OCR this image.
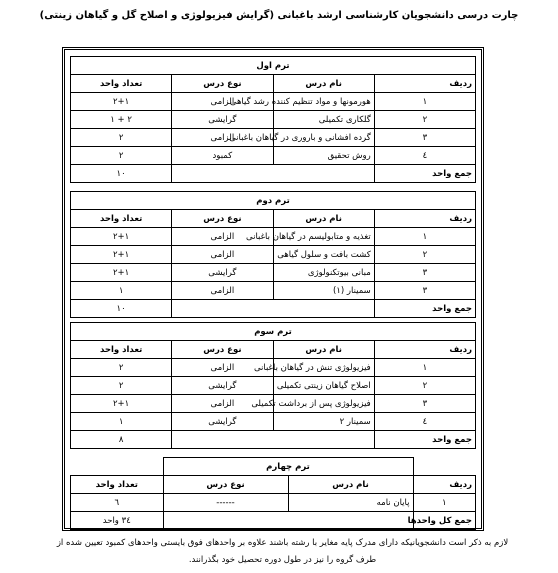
چارت درسی دانشجویان کارشناسی ارشد باغبانی (گرایش فیزیولوژی و اصلاح گل و گیاهان زینتی)
ترم اول			
ردیف	نام درس	نوع درس	تعداد واحد
۱	هورمونها و مواد تنظیم کننده رشد گیاهی	الزامی	۲+۱
۲	گلکاری تکمیلی	گرایشی	۲ + ۱
۳	گرده افشانی و باروری در گیاهان باغبانی	الزامی	۲
٤	روش تحقیق	کمبود	۲
جمع واحد			۱۰
ترم دوم			
ردیف	نام درس	نوع درس	تعداد واحد
۱	تغذیه و متابولیسم در گیاهان باغبانی	الزامی	۲+۱
۲	کشت بافت و سلول گیاهی	الزامی	۲+۱
۳	مبانی بیوتکنولوژی	گرایشی	۲+۱
۳	سمینار (۱)	الزامی	۱
جمع واحد			۱۰
ترم سوم			
ردیف	نام درس	نوع درس	تعداد واحد
۱	فیزیولوژی تنش در گیاهان باغبانی	الزامی	۲
۲	اصلاح گیاهان زینتی تکمیلی	گرایشی	۲
۳	فیزیولوژی پس از برداشت تکمیلی	الزامی	۲+۱
٤	سمینار ۲	گرایشی	۱
جمع واحد			۸
	ترم چهارم		
ردیف	نام درس	نوع درس	تعداد واحد
۱	پایان نامه	------	٦
جمع کل واحدها			۳٤ واحد
لازم به ذکر است دانشجویانیکه دارای مدرک پایه مغایر با رشته باشند علاوه بر واحدهای فوق بایستی واحدهای کمبود تعیین شده از طرف گروه را نیز در طول دوره تحصیل خود بگذرانند.
